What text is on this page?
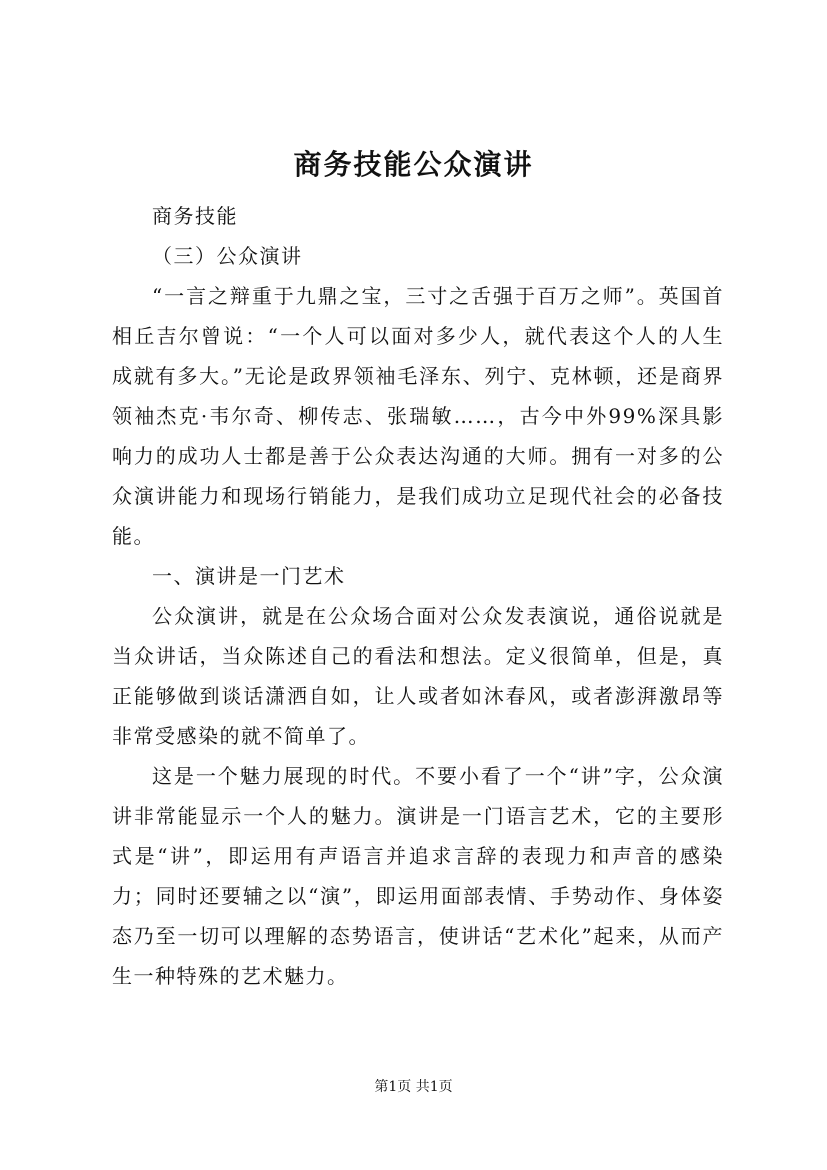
商务技能公众演讲

商务技能

（三）公众演讲

“一言之辩重于九鼎之宝，三寸之舌强于百万之师”。英国首相丘吉尔曾说：“一个人可以面对多少人，就代表这个人的人生成就有多大。”无论是政界领袖毛泽东、列宁、克林顿，还是商界领袖杰克·韦尔奇、柳传志、张瑞敏……，古今中外99%深具影响力的成功人士都是善于公众表达沟通的大师。拥有一对多的公众演讲能力和现场行销能力，是我们成功立足现代社会的必备技能。

一、演讲是一门艺术

公众演讲，就是在公众场合面对公众发表演说，通俗说就是当众讲话，当众陈述自己的看法和想法。定义很简单，但是，真正能够做到谈话潇洒自如，让人或者如沐春风，或者澎湃激昂等非常受感染的就不简单了。

这是一个魅力展现的时代。不要小看了一个“讲”字，公众演讲非常能显示一个人的魅力。演讲是一门语言艺术，它的主要形式是“讲”，即运用有声语言并追求言辞的表现力和声音的感染力；同时还要辅之以“演”，即运用面部表情、手势动作、身体姿态乃至一切可以理解的态势语言，使讲话“艺术化”起来，从而产生一种特殊的艺术魅力。

第1页 共1页
